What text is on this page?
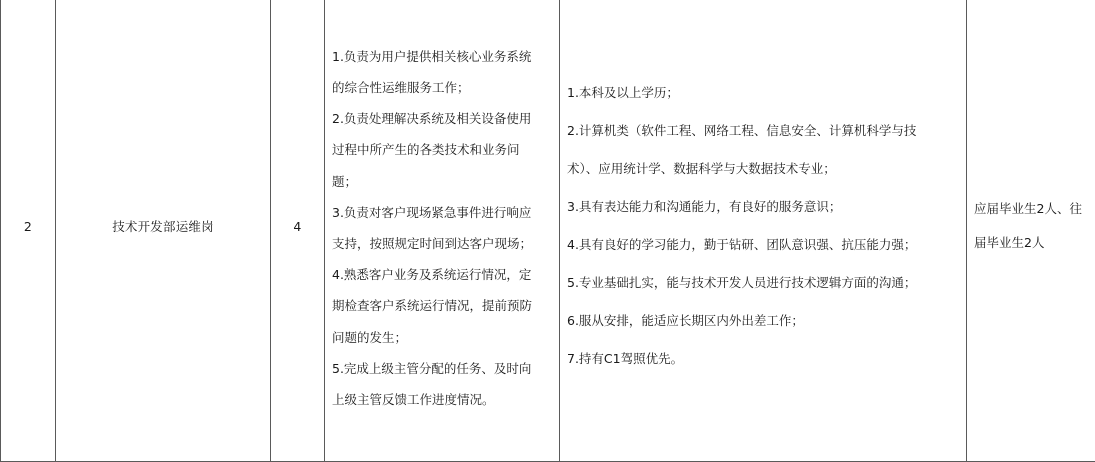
2	技术开发部运维岗	4

1.负责为用户提供相关核心业务系统
的综合性运维服务工作；
2.负责处理解决系统及相关设备使用
过程中所产生的各类技术和业务问
题；
3.负责对客户现场紧急事件进行响应
支持，按照规定时间到达客户现场；
4.熟悉客户业务及系统运行情况，定
期检查客户系统运行情况，提前预防
问题的发生；
5.完成上级主管分配的任务、及时向
上级主管反馈工作进度情况。

1.本科及以上学历；
2.计算机类（软件工程、网络工程、信息安全、计算机科学与技
术）、应用统计学、数据科学与大数据技术专业；
3.具有表达能力和沟通能力，有良好的服务意识；
4.具有良好的学习能力，勤于钻研、团队意识强、抗压能力强；
5.专业基础扎实，能与技术开发人员进行技术逻辑方面的沟通；
6.服从安排，能适应长期区内外出差工作；
7.持有C1驾照优先。

应届毕业生2人、往
届毕业生2人
